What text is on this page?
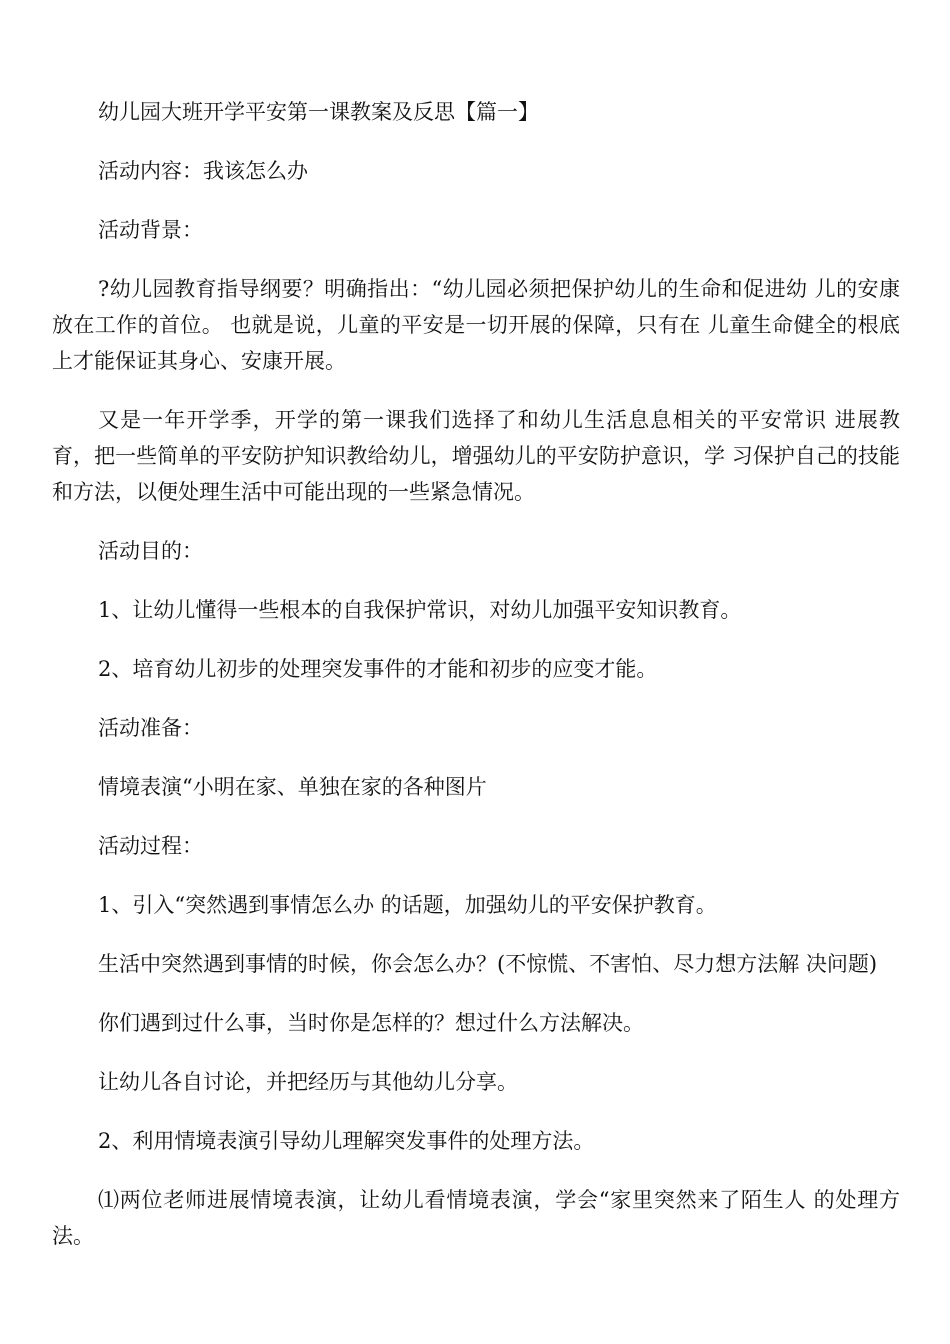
幼儿园大班开学平安第一课教案及反思【篇一】

活动内容：我该怎么办

活动背景：

?幼儿园教育指导纲要？明确指出：“幼儿园必须把保护幼儿的生命和促进幼 儿的安康放在工作的首位。 也就是说，儿童的平安是一切开展的保障，只有在 儿童生命健全的根底上才能保证其身心、安康开展。

又是一年开学季，开学的第一课我们选择了和幼儿生活息息相关的平安常识 进展教育，把一些简单的平安防护知识教给幼儿，增强幼儿的平安防护意识，学 习保护自己的技能和方法，以便处理生活中可能出现的一些紧急情况。

活动目的：

1、让幼儿懂得一些根本的自我保护常识，对幼儿加强平安知识教育。

2、培育幼儿初步的处理突发事件的才能和初步的应变才能。

活动准备：

情境表演“小明在家、单独在家的各种图片

活动过程：

1、引入“突然遇到事情怎么办 的话题，加强幼儿的平安保护教育。

生活中突然遇到事情的时候，你会怎么办？(不惊慌、不害怕、尽力想方法解 决问题)

你们遇到过什么事，当时你是怎样的？想过什么方法解决。

让幼儿各自讨论，并把经历与其他幼儿分享。

2、利用情境表演引导幼儿理解突发事件的处理方法。

⑴两位老师进展情境表演，让幼儿看情境表演，学会“家里突然来了陌生人 的处理方法。
